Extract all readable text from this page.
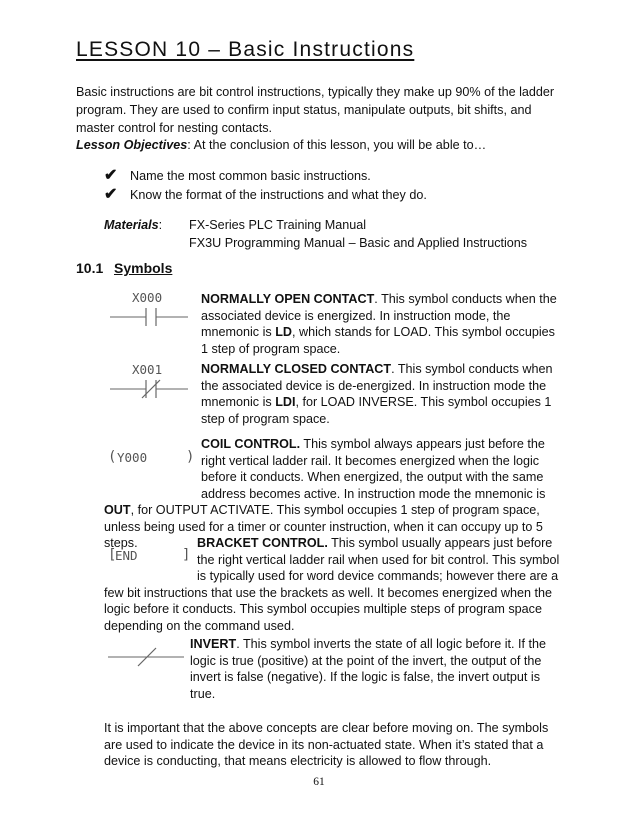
LESSON 10 – Basic Instructions
Basic instructions are bit control instructions, typically they make up 90% of the ladder program. They are used to confirm input status, manipulate outputs, bit shifts, and master control for nesting contacts.
Lesson Objectives: At the conclusion of this lesson, you will be able to…
✔ Name the most common basic instructions.
✔ Know the format of the instructions and what they do.
Materials: FX-Series PLC Training Manual
FX3U Programming Manual – Basic and Applied Instructions
10.1 Symbols
X000	NORMALLY OPEN CONTACT. This symbol conducts when the associated device is energized. In instruction mode, the mnemonic is LD, which stands for LOAD. This symbol occupies 1 step of program space.
X001	NORMALLY CLOSED CONTACT. This symbol conducts when the associated device is de-energized. In instruction mode the mnemonic is LDI, for LOAD INVERSE. This symbol occupies 1 step of program space.
( Y000	)
COIL CONTROL. This symbol always appears just before the right vertical ladder rail. It becomes energized when the logic before it conducts. When energized, the output with the same address becomes active. In instruction mode the mnemonic is OUT, for OUTPUT ACTIVATE. This symbol occupies 1 step of program space, unless being used for a timer or counter instruction, when it can occupy up to 5 steps.
[
END	]
BRACKET CONTROL. This symbol usually appears just before the right vertical ladder rail when used for bit control. This symbol is typically used for word device commands; however there are a few bit instructions that use the brackets as well. It becomes energized when the logic before it conducts. This symbol occupies multiple steps of program space depending on the command used.
INVERT. This symbol inverts the state of all logic before it. If the logic is true (positive) at the point of the invert, the output of the invert is false (negative). If the logic is false, the invert output is true.
It is important that the above concepts are clear before moving on. The symbols are used to indicate the device in its non-actuated state. When it’s stated that a device is conducting, that means electricity is allowed to flow through.
61
